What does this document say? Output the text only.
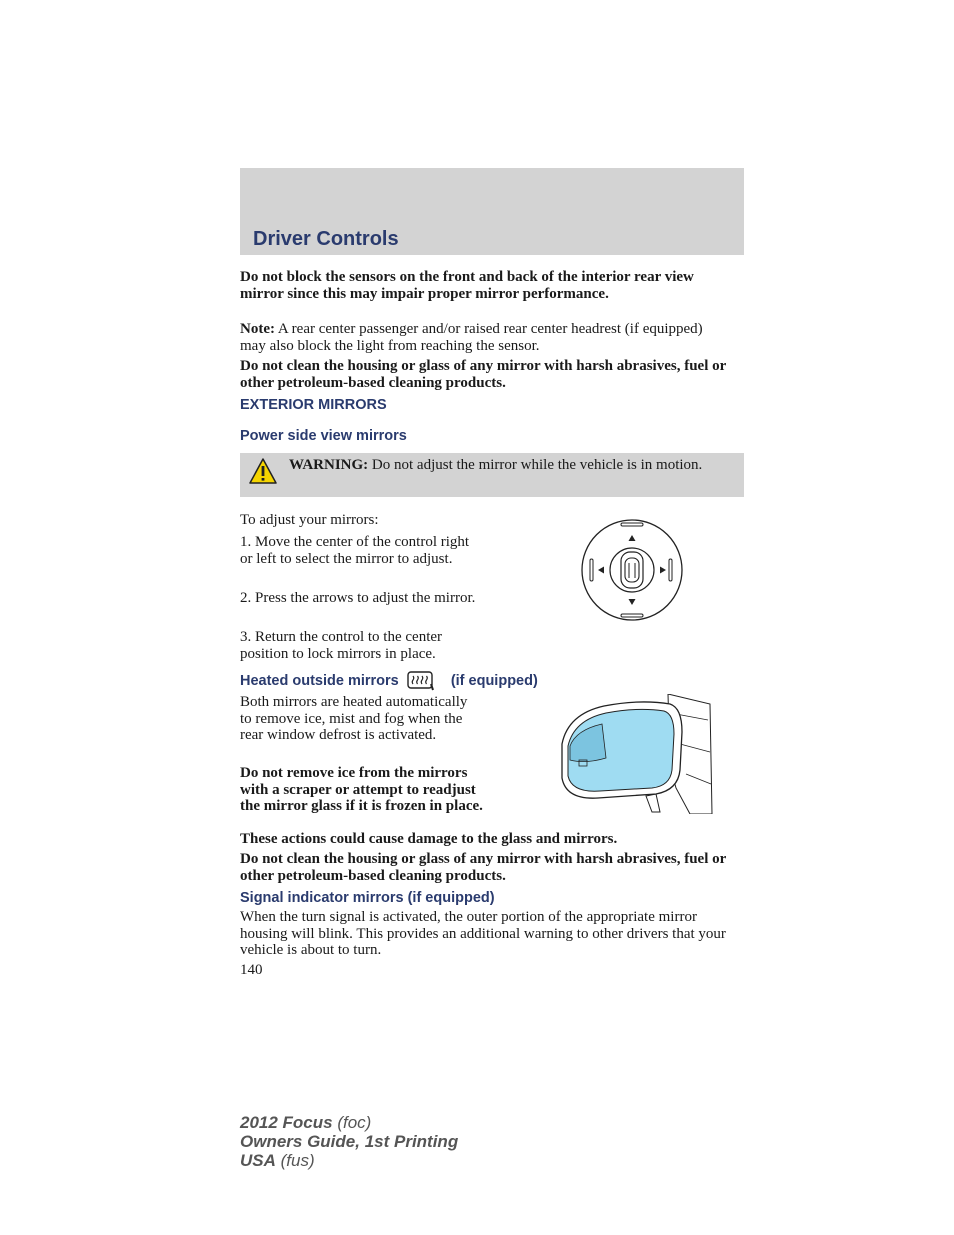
Driver Controls
Do not block the sensors on the front and back of the interior rear view mirror since this may impair proper mirror performance.
Note: A rear center passenger and/or raised rear center headrest (if equipped) may also block the light from reaching the sensor.
Do not clean the housing or glass of any mirror with harsh abrasives, fuel or other petroleum-based cleaning products.
EXTERIOR MIRRORS
Power side view mirrors
WARNING: Do not adjust the mirror while the vehicle is in motion.
To adjust your mirrors:
1. Move the center of the control right or left to select the mirror to adjust.
2. Press the arrows to adjust the mirror.
3. Return the control to the center position to lock mirrors in place.
Heated outside mirrors	(if equipped)
Both mirrors are heated automatically to remove ice, mist and fog when the rear window defrost is activated.
Do not remove ice from the mirrors with a scraper or attempt to readjust the mirror glass if it is frozen in place.
These actions could cause damage to the glass and mirrors.
Do not clean the housing or glass of any mirror with harsh abrasives, fuel or other petroleum-based cleaning products.
Signal indicator mirrors (if equipped)
When the turn signal is activated, the outer portion of the appropriate mirror housing will blink. This provides an additional warning to other drivers that your vehicle is about to turn.
140
2012 Focus (foc)
Owners Guide, 1st Printing
USA (fus)
